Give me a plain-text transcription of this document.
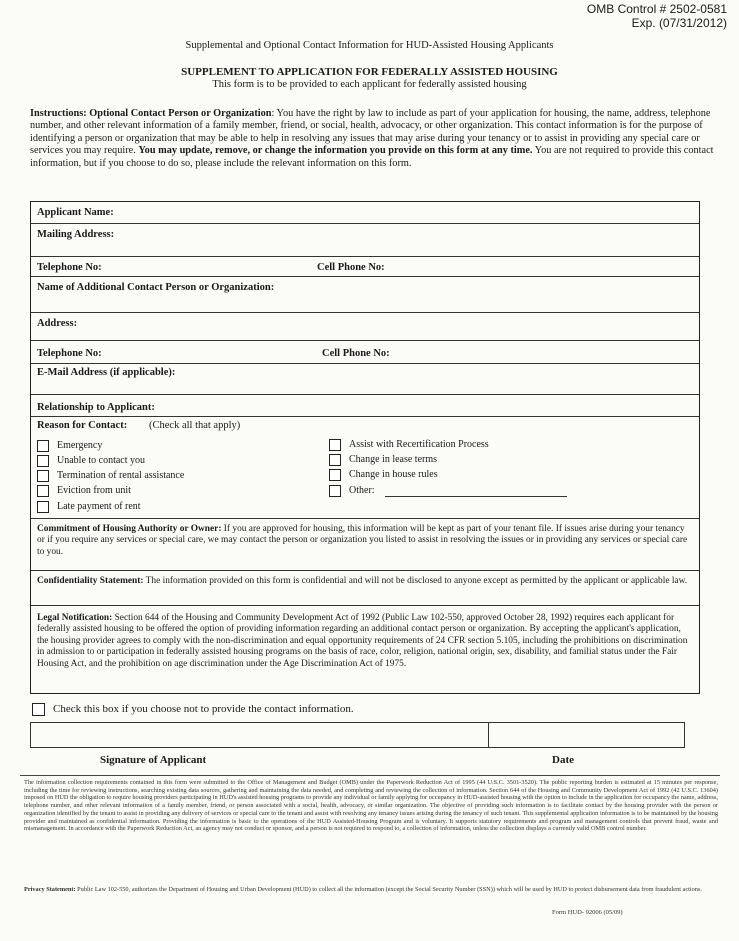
OMB Control # 2502-0581
Exp. (07/31/2012)
Supplemental and Optional Contact Information for HUD-Assisted Housing Applicants
SUPPLEMENT TO APPLICATION FOR FEDERALLY ASSISTED HOUSING
This form is to be provided to each applicant for federally assisted housing
Instructions: Optional Contact Person or Organization: You have the right by law to include as part of your application for housing, the name, address, telephone number, and other relevant information of a family member, friend, or social, health, advocacy, or other organization. This contact information is for the purpose of identifying a person or organization that may be able to help in resolving any issues that may arise during your tenancy or to assist in providing any special care or services you may require. You may update, remove, or change the information you provide on this form at any time. You are not required to provide this contact information, but if you choose to do so, please include the relevant information on this form.
Applicant Name:
Mailing Address:
Telephone No:	Cell Phone No:
Name of Additional Contact Person or Organization:
Address:
Telephone No:	Cell Phone No:
E-Mail Address (if applicable):
Relationship to Applicant:
Reason for Contact: (Check all that apply)
Emergency
Unable to contact you
Termination of rental assistance
Eviction from unit
Late payment of rent
Assist with Recertification Process
Change in lease terms
Change in house rules
Other:
Commitment of Housing Authority or Owner: If you are approved for housing, this information will be kept as part of your tenant file. If issues arise during your tenancy or if you require any services or special care, we may contact the person or organization you listed to assist in resolving the issues or in providing any services or special care to you.
Confidentiality Statement: The information provided on this form is confidential and will not be disclosed to anyone except as permitted by the applicant or applicable law.
Legal Notification: Section 644 of the Housing and Community Development Act of 1992 (Public Law 102-550, approved October 28, 1992) requires each applicant for federally assisted housing to be offered the option of providing information regarding an additional contact person or organization. By accepting the applicant's application, the housing provider agrees to comply with the non-discrimination and equal opportunity requirements of 24 CFR section 5.105, including the prohibitions on discrimination in admission to or participation in federally assisted housing programs on the basis of race, color, religion, national origin, sex, disability, and familial status under the Fair Housing Act, and the prohibition on age discrimination under the Age Discrimination Act of 1975.
Check this box if you choose not to provide the contact information.
Signature of Applicant	Date
The information collection requirements contained in this form were submitted to the Office of Management and Budget (OMB) under the Paperwork Reduction Act of 1995 (44 U.S.C. 3501-3520). The public reporting burden is estimated at 15 minutes per response, including the time for reviewing instructions, searching existing data sources, gathering and maintaining the data needed, and completing and reviewing the collection of information. Section 644 of the Housing and Community Development Act of 1992 (42 U.S.C. 13604) imposed on HUD the obligation to require housing providers participating in HUD's assisted housing programs to provide any individual or family applying for occupancy in HUD-assisted housing with the option to include in the application for occupancy the name, address, telephone number, and other relevant information of a family member, friend, or person associated with a social, health, advocacy, or similar organization. The objective of providing such information is to facilitate contact by the housing provider with the person or organization identified by the tenant to assist in providing any delivery of services or special care to the tenant and assist with resolving any tenancy issues arising during the tenancy of such tenant. This supplemental application information is to be maintained by the housing provider and maintained as confidential information. Providing the information is basic to the operations of the HUD Assisted-Housing Program and is voluntary. It supports statutory requirements and program and management controls that prevent fraud, waste and mismanagement. In accordance with the Paperwork Reduction Act, an agency may not conduct or sponsor, and a person is not required to respond to, a collection of information, unless the collection displays a currently valid OMB control number.
Privacy Statement: Public Law 102-550, authorizes the Department of Housing and Urban Development (HUD) to collect all the information (except the Social Security Number (SSN)) which will be used by HUD to protect disbursement data from fraudulent actions.
Form HUD- 92006 (05/09)
